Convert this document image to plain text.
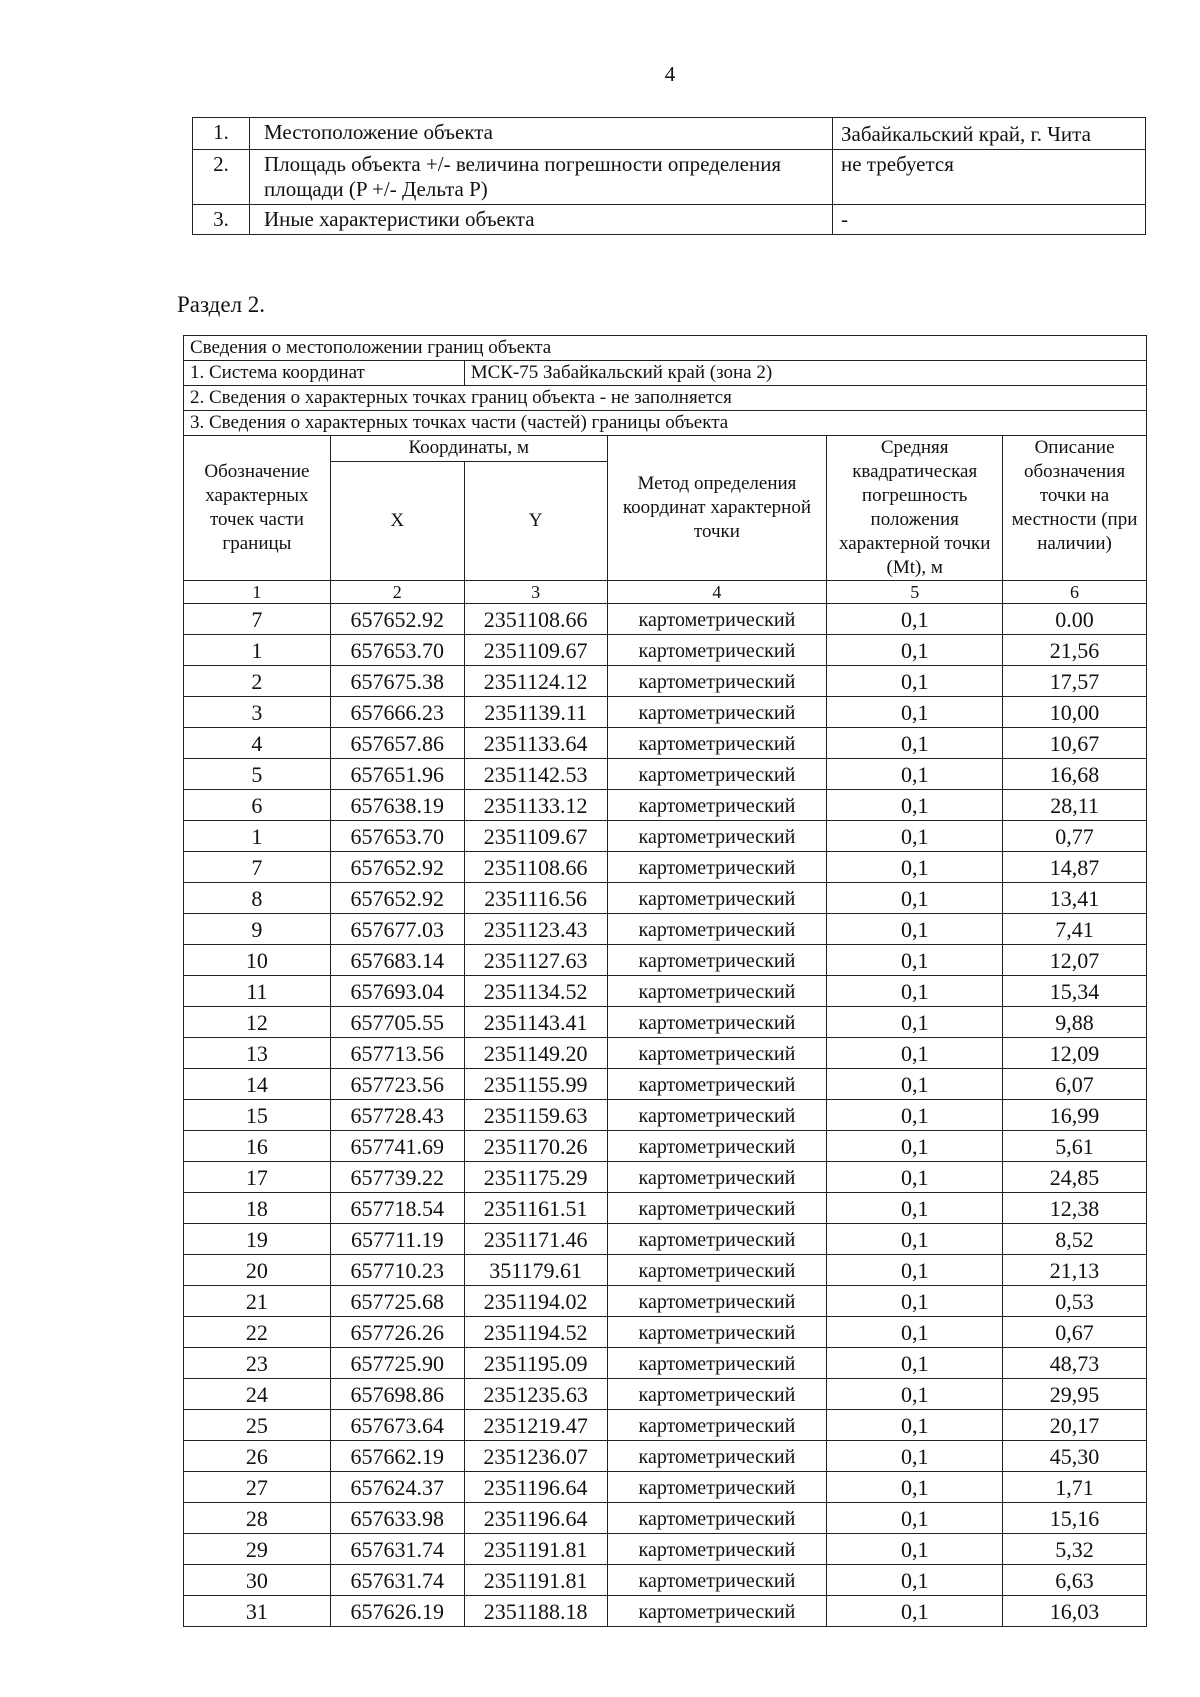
4
1.	Местоположение объекта	Забайкальский край, г. Чита
2.	Площадь объекта +/- величина погрешности определения площади (P +/- Дельта P)	не требуется
3.	Иные характеристики объекта	-
Раздел 2.
Сведения о местоположении границ объекта					
1. Система координат		МСК-75 Забайкальский край (зона 2)			
2. Сведения о характерных точках границ объекта - не заполняется					
3. Сведения о характерных точках части (частей) границы объекта					
Обозначение характерных точек части границы	Координаты, м		Метод определения координат характерной точки	Средняя квадратическая погрешность положения характерной точки (Mt), м	Описание обозначения точки на местности (при наличии)
	X	Y			
1	2	3	4	5	6
7	657652.92	2351108.66	картометрический	0,1	0.00
1	657653.70	2351109.67	картометрический	0,1	21,56
2	657675.38	2351124.12	картометрический	0,1	17,57
3	657666.23	2351139.11	картометрический	0,1	10,00
4	657657.86	2351133.64	картометрический	0,1	10,67
5	657651.96	2351142.53	картометрический	0,1	16,68
6	657638.19	2351133.12	картометрический	0,1	28,11
1	657653.70	2351109.67	картометрический	0,1	0,77
7	657652.92	2351108.66	картометрический	0,1	14,87
8	657652.92	2351116.56	картометрический	0,1	13,41
9	657677.03	2351123.43	картометрический	0,1	7,41
10	657683.14	2351127.63	картометрический	0,1	12,07
11	657693.04	2351134.52	картометрический	0,1	15,34
12	657705.55	2351143.41	картометрический	0,1	9,88
13	657713.56	2351149.20	картометрический	0,1	12,09
14	657723.56	2351155.99	картометрический	0,1	6,07
15	657728.43	2351159.63	картометрический	0,1	16,99
16	657741.69	2351170.26	картометрический	0,1	5,61
17	657739.22	2351175.29	картометрический	0,1	24,85
18	657718.54	2351161.51	картометрический	0,1	12,38
19	657711.19	2351171.46	картометрический	0,1	8,52
20	657710.23	351179.61	картометрический	0,1	21,13
21	657725.68	2351194.02	картометрический	0,1	0,53
22	657726.26	2351194.52	картометрический	0,1	0,67
23	657725.90	2351195.09	картометрический	0,1	48,73
24	657698.86	2351235.63	картометрический	0,1	29,95
25	657673.64	2351219.47	картометрический	0,1	20,17
26	657662.19	2351236.07	картометрический	0,1	45,30
27	657624.37	2351196.64	картометрический	0,1	1,71
28	657633.98	2351196.64	картометрический	0,1	15,16
29	657631.74	2351191.81	картометрический	0,1	5,32
30	657631.74	2351191.81	картометрический	0,1	6,63
31	657626.19	2351188.18	картометрический	0,1	16,03
